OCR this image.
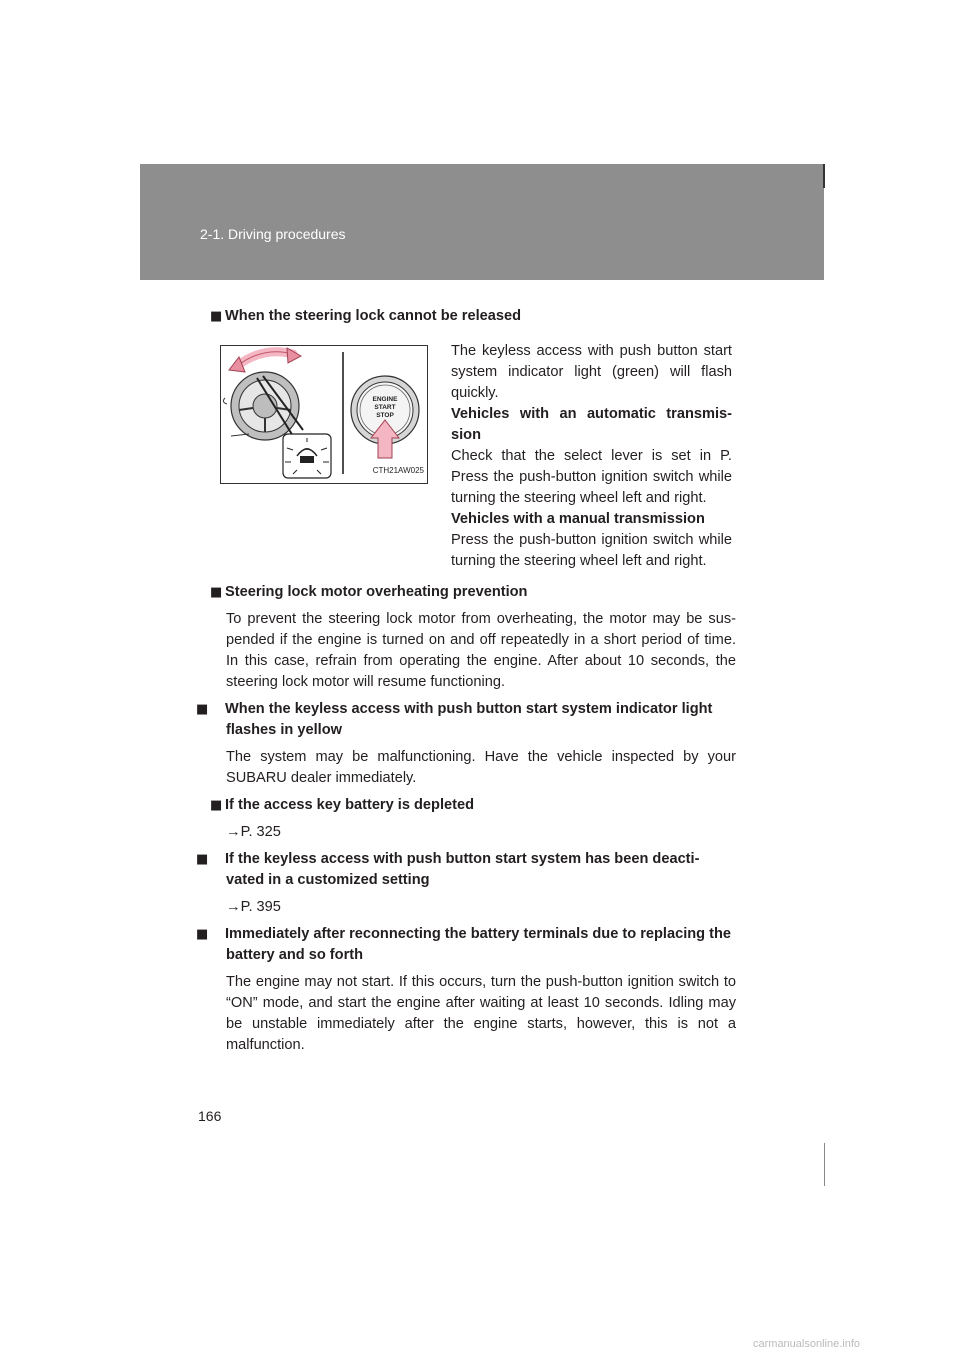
2-1. Driving procedures

■ When the steering lock cannot be released

ENGINE
START
STOP
CTH21AW025

The keyless access with push button start system indicator light (green) will flash quickly.

Vehicles with an automatic transmis-sion

Check that the select lever is set in P. Press the push-button ignition switch while turning the steering wheel left and right.

Vehicles with a manual transmission

Press the push-button ignition switch while turning the steering wheel left and right.

■ Steering lock motor overheating prevention

To prevent the steering lock motor from overheating, the motor may be sus-pended if the engine is turned on and off repeatedly in a short period of time. In this case, refrain from operating the engine. After about 10 seconds, the steering lock motor will resume functioning.

■ When the keyless access with push button start system indicator light flashes in yellow

The system may be malfunctioning. Have the vehicle inspected by your SUBARU dealer immediately.

■ If the access key battery is depleted

→P. 325

■ If the keyless access with push button start system has been deacti-vated in a customized setting

→P. 395

■ Immediately after reconnecting the battery terminals due to replacing the battery and so forth

The engine may not start. If this occurs, turn the push-button ignition switch to “ON” mode, and start the engine after waiting at least 10 seconds. Idling may be unstable immediately after the engine starts, however, this is not a malfunction.

166
carmanualsonline.info
